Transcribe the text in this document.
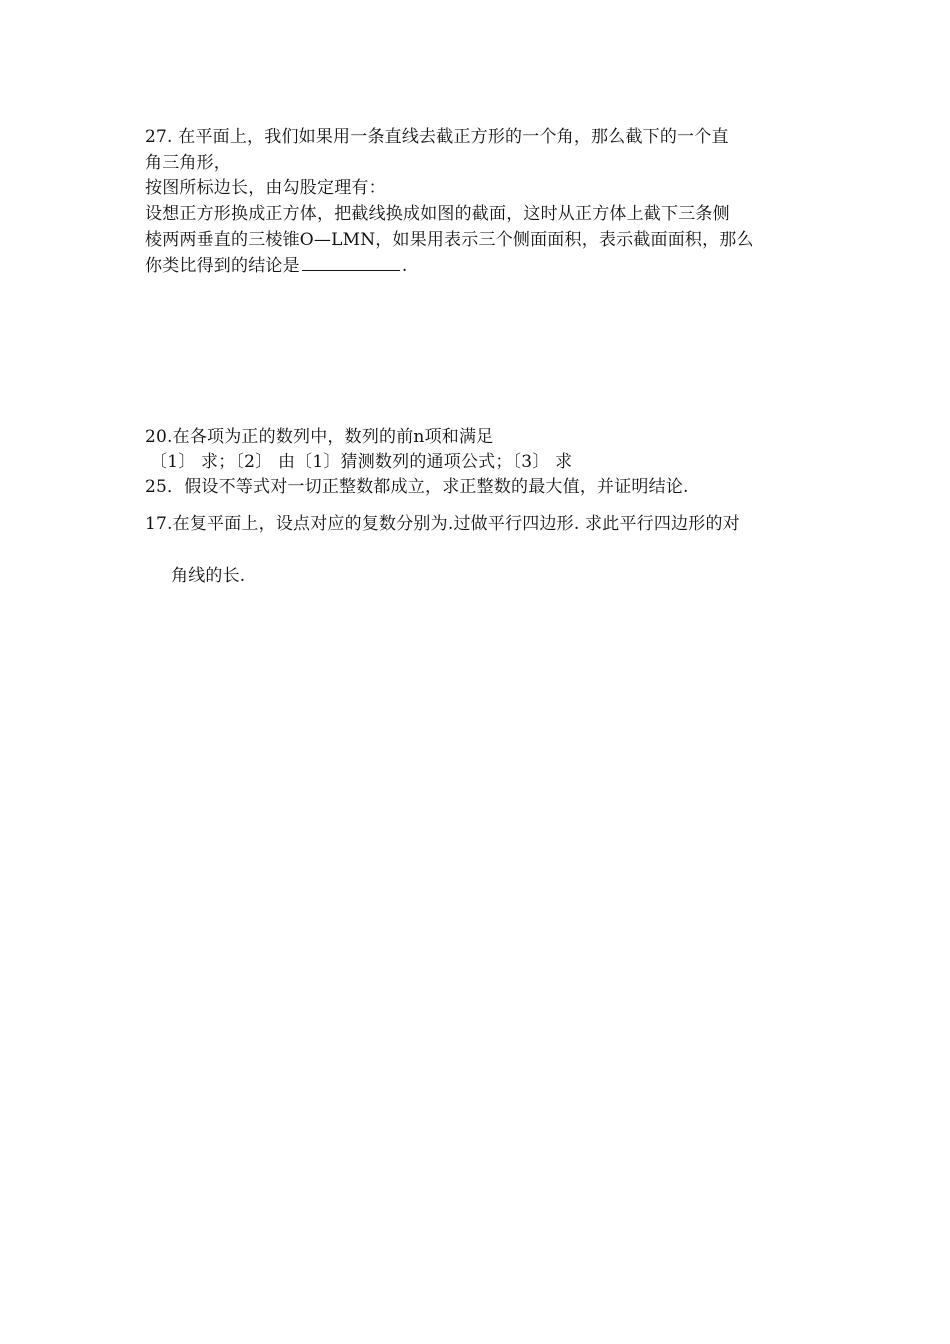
27. 在平面上，我们如果用一条直线去截正方形的一个角，那么截下的一个直
角三角形，
按图所标边长，由勾股定理有：
设想正方形换成正方体，把截线换成如图的截面，这时从正方体上截下三条侧
棱两两垂直的三棱锥O—LMN，如果用表示三个侧面面积，表示截面面积，那么
你类比得到的结论是	.
20.在各项为正的数列中，数列的前n项和满足
〔1〕 求；〔2〕 由〔1〕猜测数列的通项公式；〔3〕 求
25．假设不等式对一切正整数都成立，求正整数的最大值，并证明结论.
17.在复平面上，设点对应的复数分别为.过做平行四边形. 求此平行四边形的对
角线的长.
